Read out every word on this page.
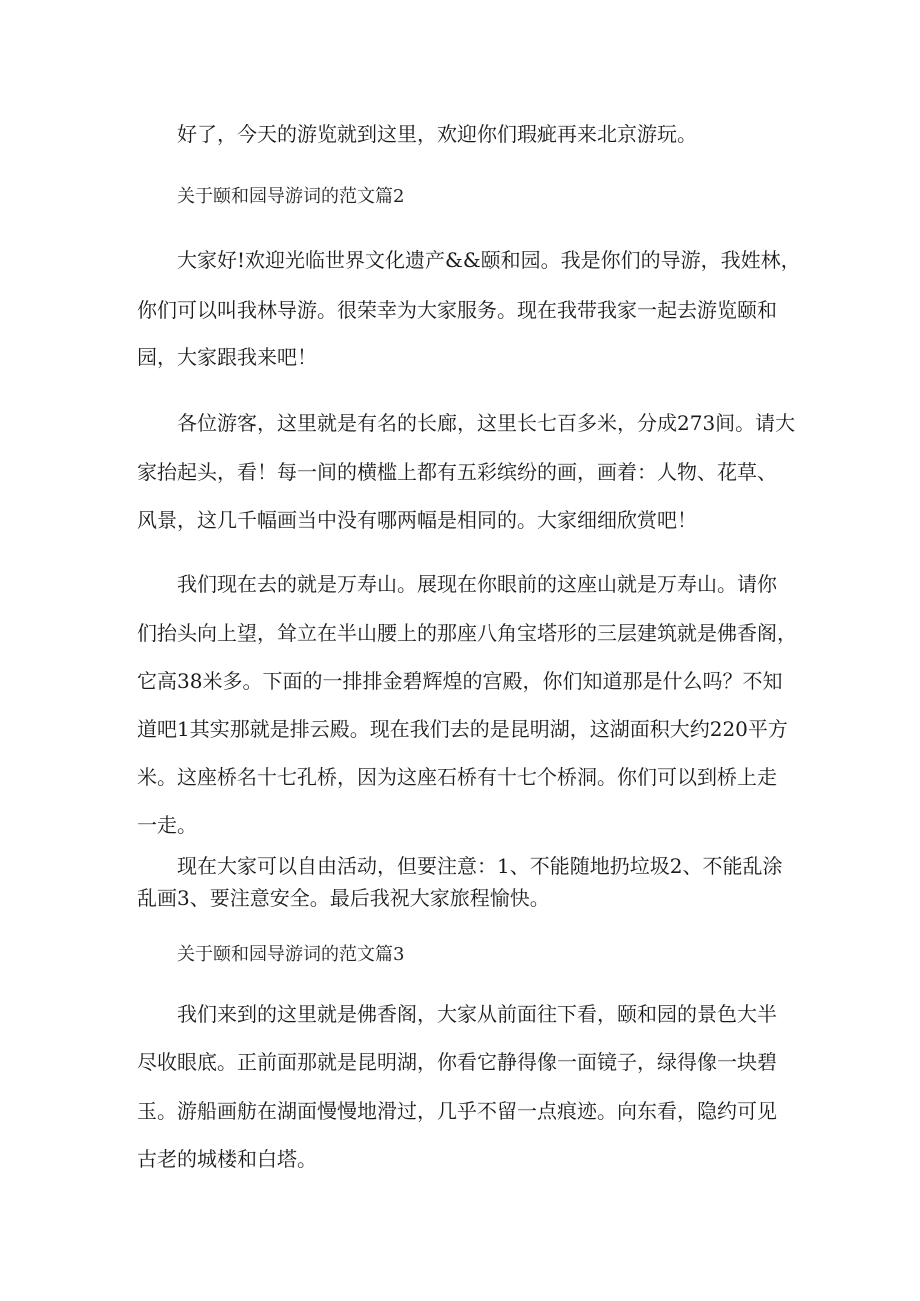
好了，今天的游览就到这里，欢迎你们瑕疵再来北京游玩。
关于颐和园导游词的范文篇2
大家好!欢迎光临世界文化遗产&&颐和园。我是你们的导游，我姓林，
你们可以叫我林导游。很荣幸为大家服务。现在我带我家一起去游览颐和
园，大家跟我来吧！
各位游客，这里就是有名的长廊，这里长七百多米，分成273间。请大
家抬起头，看！每一间的横槛上都有五彩缤纷的画，画着：人物、花草、
风景，这几千幅画当中没有哪两幅是相同的。大家细细欣赏吧！
我们现在去的就是万寿山。展现在你眼前的这座山就是万寿山。请你
们抬头向上望，耸立在半山腰上的那座八角宝塔形的三层建筑就是佛香阁，
它高38米多。下面的一排排金碧辉煌的宫殿，你们知道那是什么吗？不知
道吧1其实那就是排云殿。现在我们去的是昆明湖，这湖面积大约220平方
米。这座桥名十七孔桥，因为这座石桥有十七个桥洞。你们可以到桥上走
一走。
现在大家可以自由活动，但要注意：1、不能随地扔垃圾2、不能乱涂
乱画3、要注意安全。最后我祝大家旅程愉快。
关于颐和园导游词的范文篇3
我们来到的这里就是佛香阁，大家从前面往下看，颐和园的景色大半
尽收眼底。正前面那就是昆明湖，你看它静得像一面镜子，绿得像一块碧
玉。游船画舫在湖面慢慢地滑过，几乎不留一点痕迹。向东看，隐约可见
古老的城楼和白塔。
